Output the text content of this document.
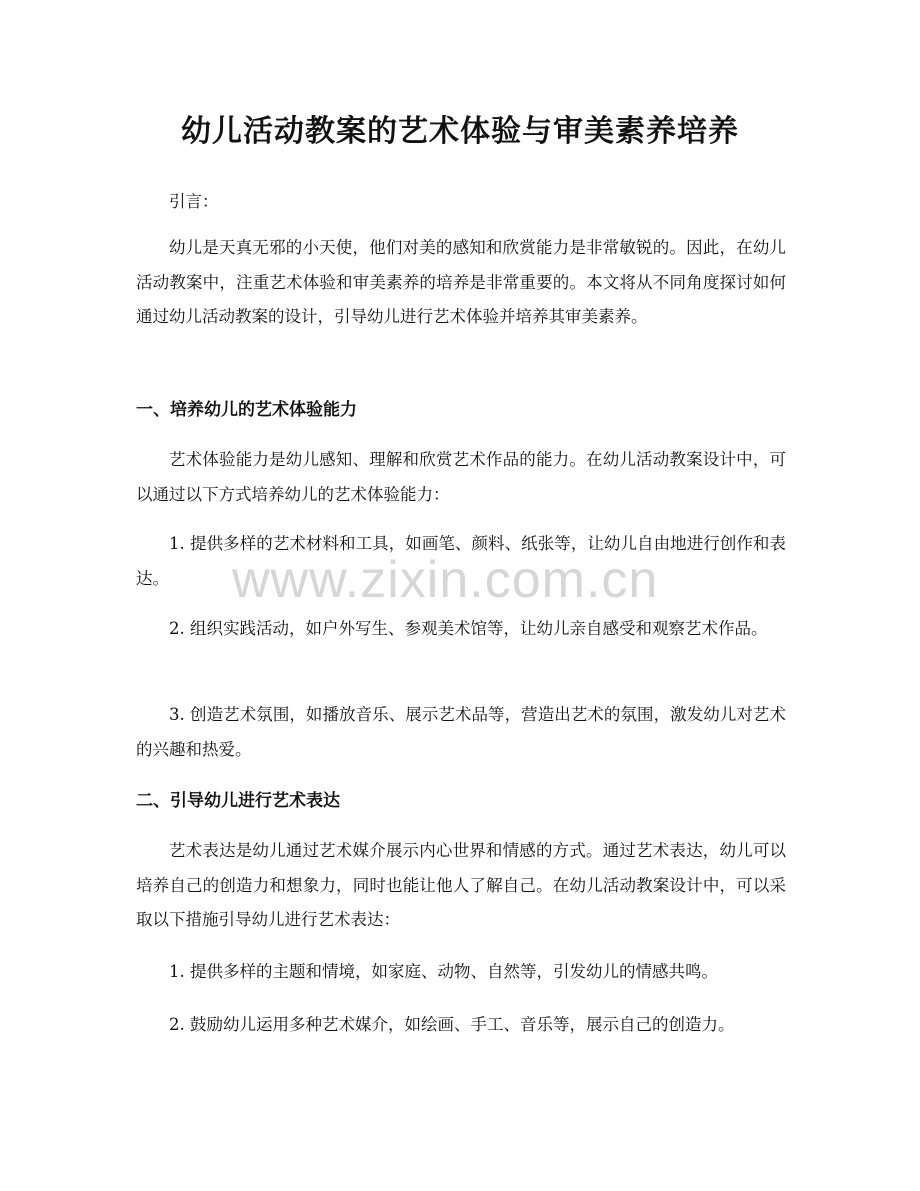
幼儿活动教案的艺术体验与审美素养培养

引言：

幼儿是天真无邪的小天使，他们对美的感知和欣赏能力是非常敏锐的。因此，在幼儿活动教案中，注重艺术体验和审美素养的培养是非常重要的。本文将从不同角度探讨如何通过幼儿活动教案的设计，引导幼儿进行艺术体验并培养其审美素养。

一、培养幼儿的艺术体验能力

艺术体验能力是幼儿感知、理解和欣赏艺术作品的能力。在幼儿活动教案设计中，可以通过以下方式培养幼儿的艺术体验能力：

1. 提供多样的艺术材料和工具，如画笔、颜料、纸张等，让幼儿自由地进行创作和表达。

2. 组织实践活动，如户外写生、参观美术馆等，让幼儿亲自感受和观察艺术作品。

3. 创造艺术氛围，如播放音乐、展示艺术品等，营造出艺术的氛围，激发幼儿对艺术的兴趣和热爱。

二、引导幼儿进行艺术表达

艺术表达是幼儿通过艺术媒介展示内心世界和情感的方式。通过艺术表达，幼儿可以培养自己的创造力和想象力，同时也能让他人了解自己。在幼儿活动教案设计中，可以采取以下措施引导幼儿进行艺术表达：

1. 提供多样的主题和情境，如家庭、动物、自然等，引发幼儿的情感共鸣。

2. 鼓励幼儿运用多种艺术媒介，如绘画、手工、音乐等，展示自己的创造力。

www.zixin.com.cn
